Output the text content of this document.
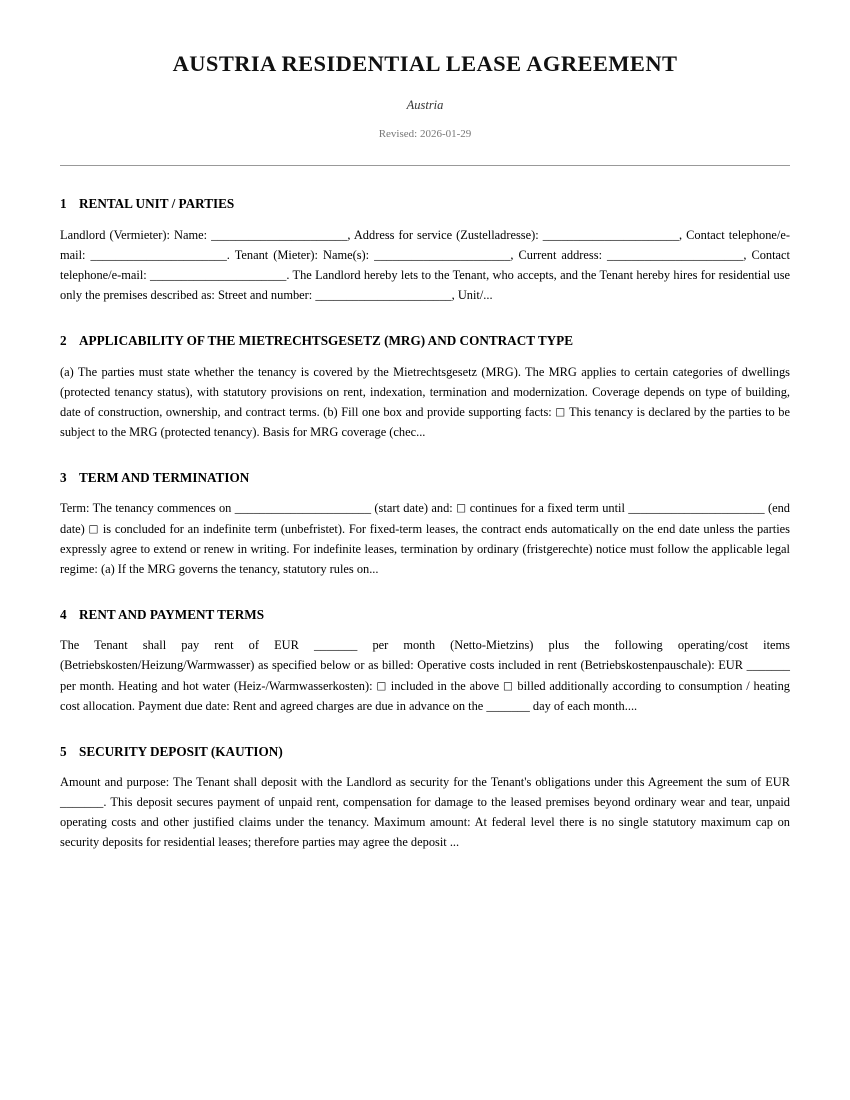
AUSTRIA RESIDENTIAL LEASE AGREEMENT
Austria
Revised: 2026-01-29
1 RENTAL UNIT / PARTIES

Landlord (Vermieter): Name: ______________________, Address for service (Zustelladresse): ______________________, Contact telephone/e-mail: ______________________. Tenant (Mieter): Name(s): ______________________, Current address: ______________________, Contact telephone/e-mail: ______________________. The Landlord hereby lets to the Tenant, who accepts, and the Tenant hereby hires for residential use only the premises described as: Street and number: ______________________, Unit/...

2 APPLICABILITY OF THE MIETRECHTSGESETZ (MRG) AND CONTRACT TYPE

(a) The parties must state whether the tenancy is covered by the Mietrechtsgesetz (MRG). The MRG applies to certain categories of dwellings (protected tenancy status), with statutory provisions on rent, indexation, termination and modernization. Coverage depends on type of building, date of construction, ownership, and contract terms. (b) Fill one box and provide supporting facts: □ This tenancy is declared by the parties to be subject to the MRG (protected tenancy). Basis for MRG coverage (chec...

3 TERM AND TERMINATION

Term: The tenancy commences on ______________________ (start date) and: □ continues for a fixed term until ______________________ (end date) □ is concluded for an indefinite term (unbefristet). For fixed-term leases, the contract ends automatically on the end date unless the parties expressly agree to extend or renew in writing. For indefinite leases, termination by ordinary (fristgerechte) notice must follow the applicable legal regime: (a) If the MRG governs the tenancy, statutory rules on...

4 RENT AND PAYMENT TERMS

The Tenant shall pay rent of EUR _______ per month (Netto-Mietzins) plus the following operating/cost items (Betriebskosten/Heizung/Warmwasser) as specified below or as billed: Operative costs included in rent (Betriebskostenpauschale): EUR _______ per month. Heating and hot water (Heiz-/Warmwasserkosten): □ included in the above □ billed additionally according to consumption / heating cost allocation. Payment due date: Rent and agreed charges are due in advance on the _______ day of each month....

5 SECURITY DEPOSIT (KAUTION)

Amount and purpose: The Tenant shall deposit with the Landlord as security for the Tenant's obligations under this Agreement the sum of EUR _______. This deposit secures payment of unpaid rent, compensation for damage to the leased premises beyond ordinary wear and tear, unpaid operating costs and other justified claims under the tenancy. Maximum amount: At federal level there is no single statutory maximum cap on security deposits for residential leases; therefore parties may agree the deposit ...
